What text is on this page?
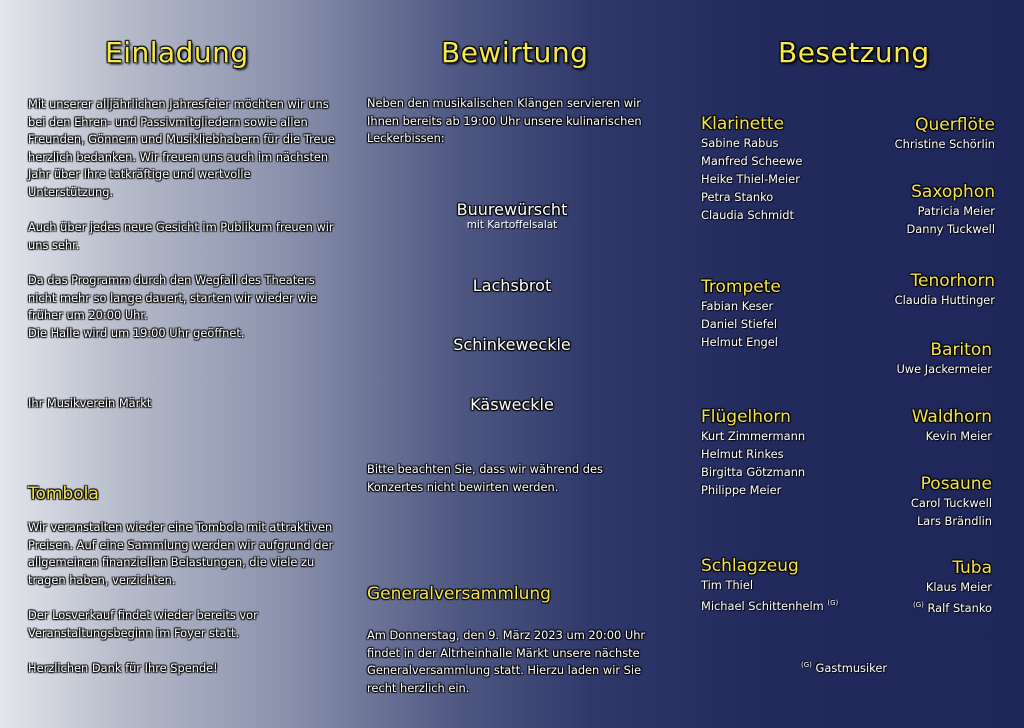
Einladung

Mit unserer alljährlichen Jahresfeier möchten wir uns bei den Ehren- und Passivmitgliedern sowie allen Freunden, Gönnern und Musikliebhabern für die Treue herzlich bedanken. Wir freuen uns auch im nächsten Jahr über Ihre tatkräftige und wertvolle Unterstützung.

Auch über jedes neue Gesicht im Publikum freuen wir uns sehr.

Da das Programm durch den Wegfall des Theaters nicht mehr so lange dauert, starten wir wieder wie früher um 20:00 Uhr.

Die Halle wird um 19:00 Uhr geöffnet.

Ihr Musikverein Märkt
Tombola

Wir veranstalten wieder eine Tombola mit attraktiven Preisen. Auf eine Sammlung werden wir aufgrund der allgemeinen finanziellen Belastungen, die viele zu tragen haben, verzichten.

Der Losverkauf findet wieder bereits vor Veranstaltungsbeginn im Foyer statt.

Herzlichen Dank für Ihre Spende!

Bewirtung
Neben den musikalischen Klängen servieren wir Ihnen bereits ab 19:00 Uhr unsere kulinarischen Leckerbissen:
Buurewürscht
mit Kartoffelsalat
Lachsbrot
Schinkeweckle
Käsweckle
Bitte beachten Sie, dass wir während des Konzertes nicht bewirten werden.
Generalversammlung
Am Donnerstag, den 9. März 2023 um 20:00 Uhr findet in der Altrheinhalle Märkt unsere nächste Generalversammlung statt. Hierzu laden wir Sie recht herzlich ein.
Besetzung
Klarinette
Sabine Rabus
Manfred Scheewe
Heike Thiel-Meier
Petra Stanko
Claudia Schmidt
Trompete
Fabian Keser
Daniel Stiefel
Helmut Engel
Flügelhorn
Kurt Zimmermann
Helmut Rinkes
Birgitta Götzmann
Philippe Meier
Schlagzeug
Tim Thiel
Michael Schittenhelm $^{(G)}$
Querflöte
Christine Schörlin
Saxophon
Patricia Meier
Danny Tuckwell
Tenorhorn
Claudia Huttinger
Bariton
Uwe Jackermeier
Waldhorn
Kevin Meier
Posaune
Carol Tuckwell
Lars Brändlin
Tuba
Klaus Meier
$^{(G)}$ Ralf Stanko
$^{(G)}$ Gastmusiker
